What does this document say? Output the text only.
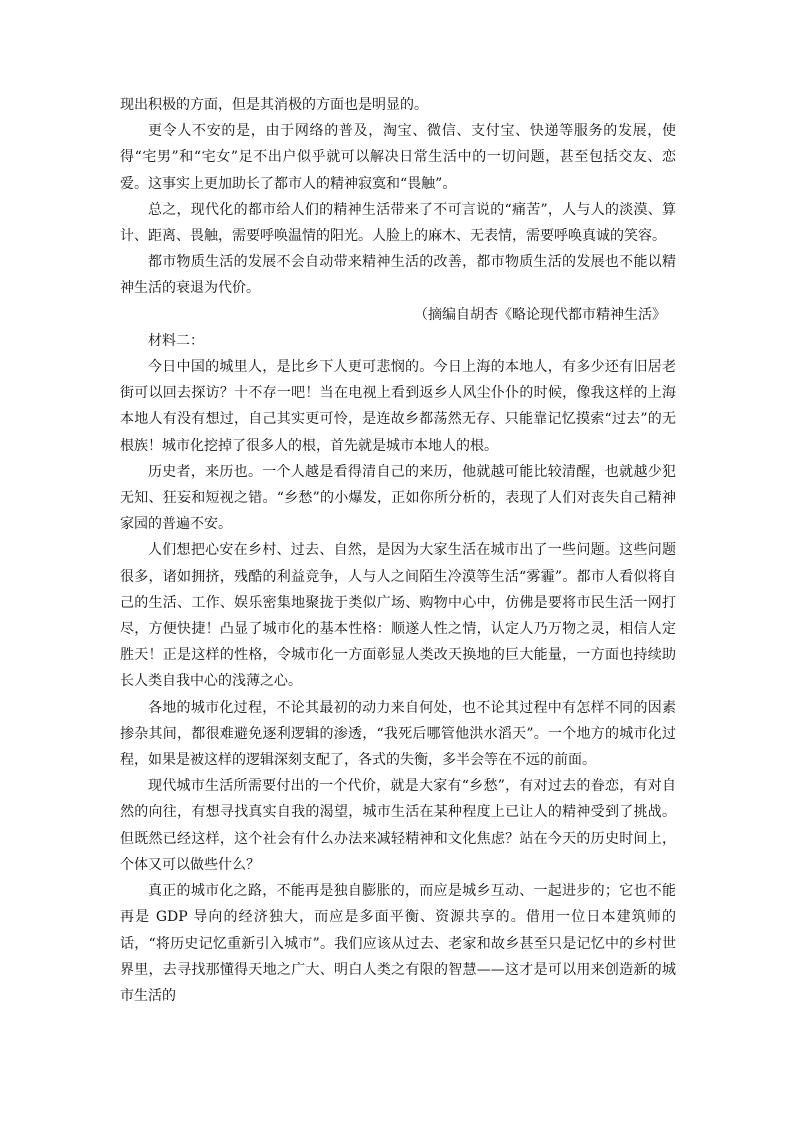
现出积极的方面，但是其消极的方面也是明显的。

更令人不安的是，由于网络的普及，淘宝、微信、支付宝、快递等服务的发展，使得“宅男”和“宅女”足不出户似乎就可以解决日常生活中的一切问题，甚至包括交友、恋爱。这事实上更加助长了都市人的精神寂寞和“畏触”。

总之，现代化的都市给人们的精神生活带来了不可言说的“痛苦”，人与人的淡漠、算计、距离、畏触，需要呼唤温情的阳光。人脸上的麻木、无表情，需要呼唤真诚的笑容。

都市物质生活的发展不会自动带来精神生活的改善，都市物质生活的发展也不能以精神生活的衰退为代价。

（摘编自胡杏《略论现代都市精神生活》

材料二：

今日中国的城里人，是比乡下人更可悲悯的。今日上海的本地人，有多少还有旧居老街可以回去探访？十不存一吧！当在电视上看到返乡人风尘仆仆的时候，像我这样的上海本地人有没有想过，自己其实更可怜，是连故乡都荡然无存、只能靠记忆摸索“过去”的无根族！城市化挖掉了很多人的根，首先就是城市本地人的根。

历史者，来历也。一个人越是看得清自己的来历，他就越可能比较清醒，也就越少犯无知、狂妄和短视之错。“乡愁”的小爆发，正如你所分析的，表现了人们对丧失自己精神家园的普遍不安。

人们想把心安在乡村、过去、自然，是因为大家生活在城市出了一些问题。这些问题很多，诸如拥挤，残酷的利益竞争，人与人之间陌生冷漠等生活“雾霾”。都市人看似将自己的生活、工作、娱乐密集地聚拢于类似广场、购物中心中，仿佛是要将市民生活一网打尽，方便快捷！凸显了城市化的基本性格：顺遂人性之情，认定人乃万物之灵，相信人定胜天！正是这样的性格，令城市化一方面彰显人类改天换地的巨大能量，一方面也持续助长人类自我中心的浅薄之心。

各地的城市化过程，不论其最初的动力来自何处，也不论其过程中有怎样不同的因素掺杂其间，都很难避免逐利逻辑的渗透，“我死后哪管他洪水滔天”。一个地方的城市化过程，如果是被这样的逻辑深刻支配了，各式的失衡，多半会等在不远的前面。

现代城市生活所需要付出的一个代价，就是大家有“乡愁”，有对过去的眷恋，有对自然的向往，有想寻找真实自我的渴望，城市生活在某种程度上已让人的精神受到了挑战。但既然已经这样，这个社会有什么办法来减轻精神和文化焦虑？站在今天的历史时间上，个体又可以做些什么？

真正的城市化之路，不能再是独自膨胀的，而应是城乡互动、一起进步的；它也不能再是 GDP 导向的经济独大，而应是多面平衡、资源共享的。借用一位日本建筑师的话，“将历史记忆重新引入城市”。我们应该从过去、老家和故乡甚至只是记忆中的乡村世界里，去寻找那懂得天地之广大、明白人类之有限的智慧——这才是可以用来创造新的城市生活的
